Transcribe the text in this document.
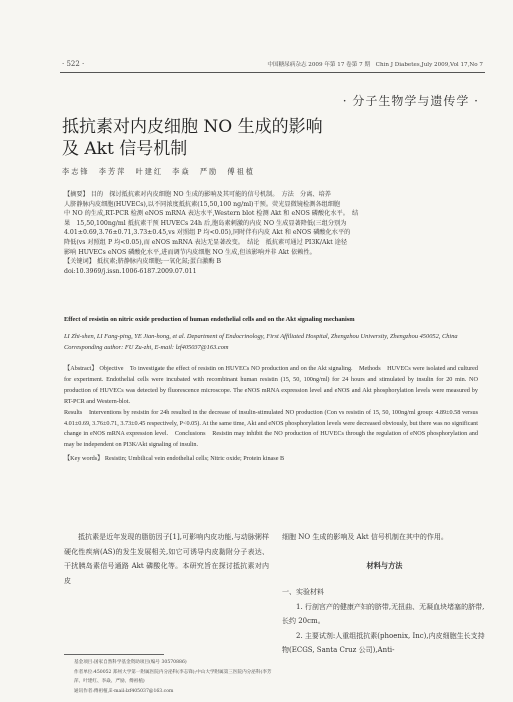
· 522 ·	中国糖尿病杂志 2009 年第 17 卷第 7 期　Chin J Diabetes,July 2009,Vol 17,No 7
· 分子生物学与遗传学 ·
抵抗素对内皮细胞 NO 生成的影响
及 Akt 信号机制
李志锋　李芳萍　叶建红　李焱　严励　傅祖植

【摘要】 目的　探讨抵抗素对内皮细胞 NO 生成的影响及其可能的信号机制。　方法　分离、培养

人脐静脉内皮细胞(HUVECs),以不同浓度抵抗素(15,50,100 ng/ml)干预。荧光显微镜检测各组细胞

中 NO 的生成,RT-PCR 检测 eNOS mRNA 表达水平,Western blot 检测 Akt 和 eNOS 磷酸化水平。　结

果　15,50,100ng/ml 抵抗素干预 HUVECs 24h 后,胞岛素刺激的内皮 NO 生成显著降低(三组分别为

4.01±0.69,3.76±0.71,3.73±0.45,vs 对照组 P 均<0.05),同时伴有内皮 Akt 和 eNOS 磷酸化水平的

降低(vs 对照组 P 均<0.05),而 eNOS mRNA 表达无显著改变。　结论　抵抗素可通过 PI3K/Akt 途径

影响 HUVECs eNOS 磷酸化水平,进而调节内皮细胞 NO 生成,但该影响并非 Akt 依赖性。

【关键词】 抵抗素;脐静脉内皮细胞;一氧化氮;蛋白激酶 B

doi:10.3969/j.issn.1006-6187.2009.07.011

Effect of resistin on nitric oxide production of human endothelial cells and on the Akt signaling mechanism
LI Zhi-shen, LI Fang-ping, YE Jian-hong, et al. Department of Endocrinology, First Affiliated Hospital, Zhengzhou University, Zhengzhou 450052, China
Corresponding author: FU Zu-zhi, E-mail: lzf405037@163.com

【Abstract】 Objective　To investigate the effect of resistin on HUVECs NO production and on the Akt signaling.　Methods　HUVECs were isolated and cultured for experiment. Endothelial cells were incubated with recombinant human resistin (15, 50, 100ng/ml) for 24 hours and stimulated by insulin for 20 min. NO production of HUVECs was detected by fluorescence microscope. The eNOS mRNA expression level and eNOS and Akt phosphorylation levels were measured by RT-PCR and Western-blot.

Results　Interventions by resistin for 24h resulted in the decrease of insulin-stimulated NO production (Con vs resistin of 15, 50, 100ng/ml group: 4.89±0.58 versus 4.01±0.69, 3.76±0.71, 3.73±0.45 respectively, P<0.05). At the same time, Akt and eNOS phosphorylation levels were decreased obviously, but there was no significant change in eNOS mRNA expression level.　Conclusions　Resistin may inhibit the NO production of HUVECs through the regulation of eNOS phosphorylation and may be independent on PI3K/Akt signaling of insulin.

【Key words】 Resistin; Umbilical vein endothelial cells; Nitric oxide; Protein kinase B

抵抗素是近年发现的脂肪因子[1],可影响内皮功能,与动脉粥样硬化性疾病(AS)的发生发展相关,如它可诱导内皮黏附分子表达、干扰胰岛素信号通路 Akt 磷酸化等。本研究旨在探讨抵抗素对内皮

细胞 NO 生成的影响及 Akt 信号机制在其中的作用。

材料与方法

一、实验材料

1. 行剖宫产的健康产妇的脐带,无扭曲、无凝血块堵塞的脐带,长约 20cm。

2. 主要试剂:人重组抵抗素(phoenix, Inc),内皮细胞生长支持物(ECGS, Santa Cruz 公司),Anti-

基金项目:国家自然科学基金资助项目(编号 30570886)

作者单位:450052 郑州大学第一附属医院内分泌科(李志锋);中山大学附属第三医院内分泌科(李芳萍、叶建红、李焱、严励、傅祖植)

通讯作者:傅祖植,E-mail:lzf405037@163.com
